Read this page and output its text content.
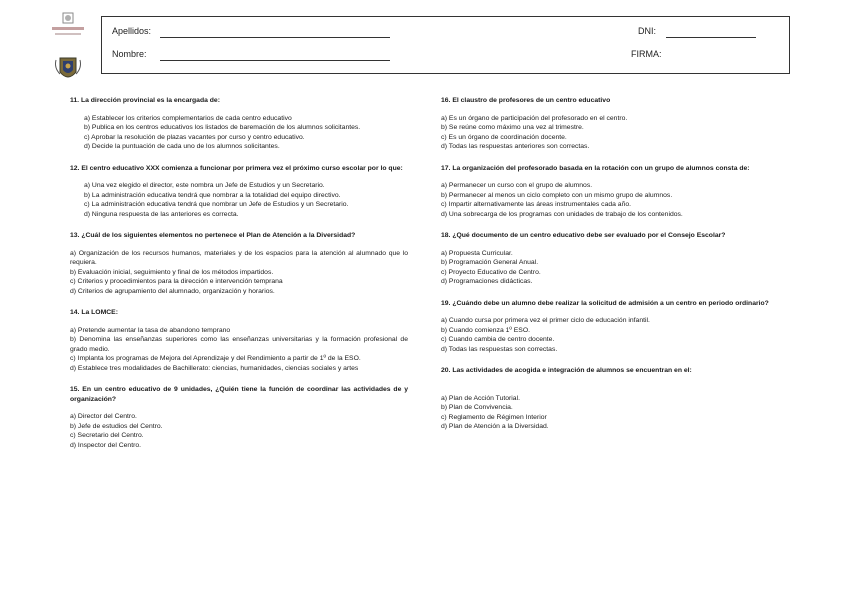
Apellidos:
Nombre:
DNI:
FIRMA:
11. La dirección provincial es la encargada de:

a) Establecer los criterios complementarios de cada centro educativo

b) Publica en los centros educativos los listados de baremación de los alumnos solicitantes.

c) Aprobar la resolución de plazas vacantes por curso y centro educativo.

d) Decide la puntuación de cada uno de los alumnos solicitantes.

12. El centro educativo XXX comienza a funcionar por primera vez el próximo curso escolar por lo que:

a) Una vez elegido el director, este nombra un Jefe de Estudios y un Secretario.

b) La administración educativa tendrá que nombrar a la totalidad del equipo directivo.

c) La administración educativa tendrá que nombrar un Jefe de Estudios y un Secretario.

d) Ninguna respuesta de las anteriores es correcta.

13. ¿Cuál de los siguientes elementos no pertenece el Plan de Atención a la Diversidad?

a) Organización de los recursos humanos, materiales y de los espacios para la atención al alumnado que lo requiera.

b) Evaluación inicial, seguimiento y final de los métodos impartidos.

c) Criterios y procedimientos para la dirección e intervención temprana

d) Criterios de agrupamiento del alumnado, organización y horarios.

14. La LOMCE:

a) Pretende aumentar la tasa de abandono temprano

b) Denomina las enseñanzas superiores como las enseñanzas universitarias y la formación profesional de grado medio.

c) Implanta los programas de Mejora del Aprendizaje y del Rendimiento a partir de 1º de la ESO.

d) Establece tres modalidades de Bachillerato: ciencias, humanidades, ciencias sociales y artes

15. En un centro educativo de 9 unidades, ¿Quién tiene la función de coordinar las actividades de y organización?

a) Director del Centro.

b) Jefe de estudios del Centro.

c) Secretario del Centro.

d) Inspector del Centro.

16. El claustro de profesores de un centro educativo

a) Es un órgano de participación del profesorado en el centro.

b) Se reúne como máximo una vez al trimestre.

c) Es un órgano de coordinación docente.

d) Todas las respuestas anteriores son correctas.

17. La organización del profesorado basada en la rotación con un grupo de alumnos consta de:

a) Permanecer un curso con el grupo de alumnos.

b) Permanecer al menos un ciclo completo con un mismo grupo de alumnos.

c) Impartir alternativamente las áreas instrumentales cada año.

d) Una sobrecarga de los programas con unidades de trabajo de los contenidos.

18. ¿Qué documento de un centro educativo debe ser evaluado por el Consejo Escolar?

a) Propuesta Curricular.

b) Programación General Anual.

c) Proyecto Educativo de Centro.

d) Programaciones didácticas.

19. ¿Cuándo debe un alumno debe realizar la solicitud de admisión a un centro en periodo ordinario?

a) Cuando cursa por primera vez el primer ciclo de educación infantil.

b) Cuando comienza 1º ESO.

c) Cuando cambia de centro docente.

d) Todas las respuestas son correctas.

20. Las actividades de acogida e integración de alumnos se encuentran en el:

a) Plan de Acción Tutorial.

b) Plan de Convivencia.

c) Reglamento de Régimen Interior

d) Plan de Atención a la Diversidad.
